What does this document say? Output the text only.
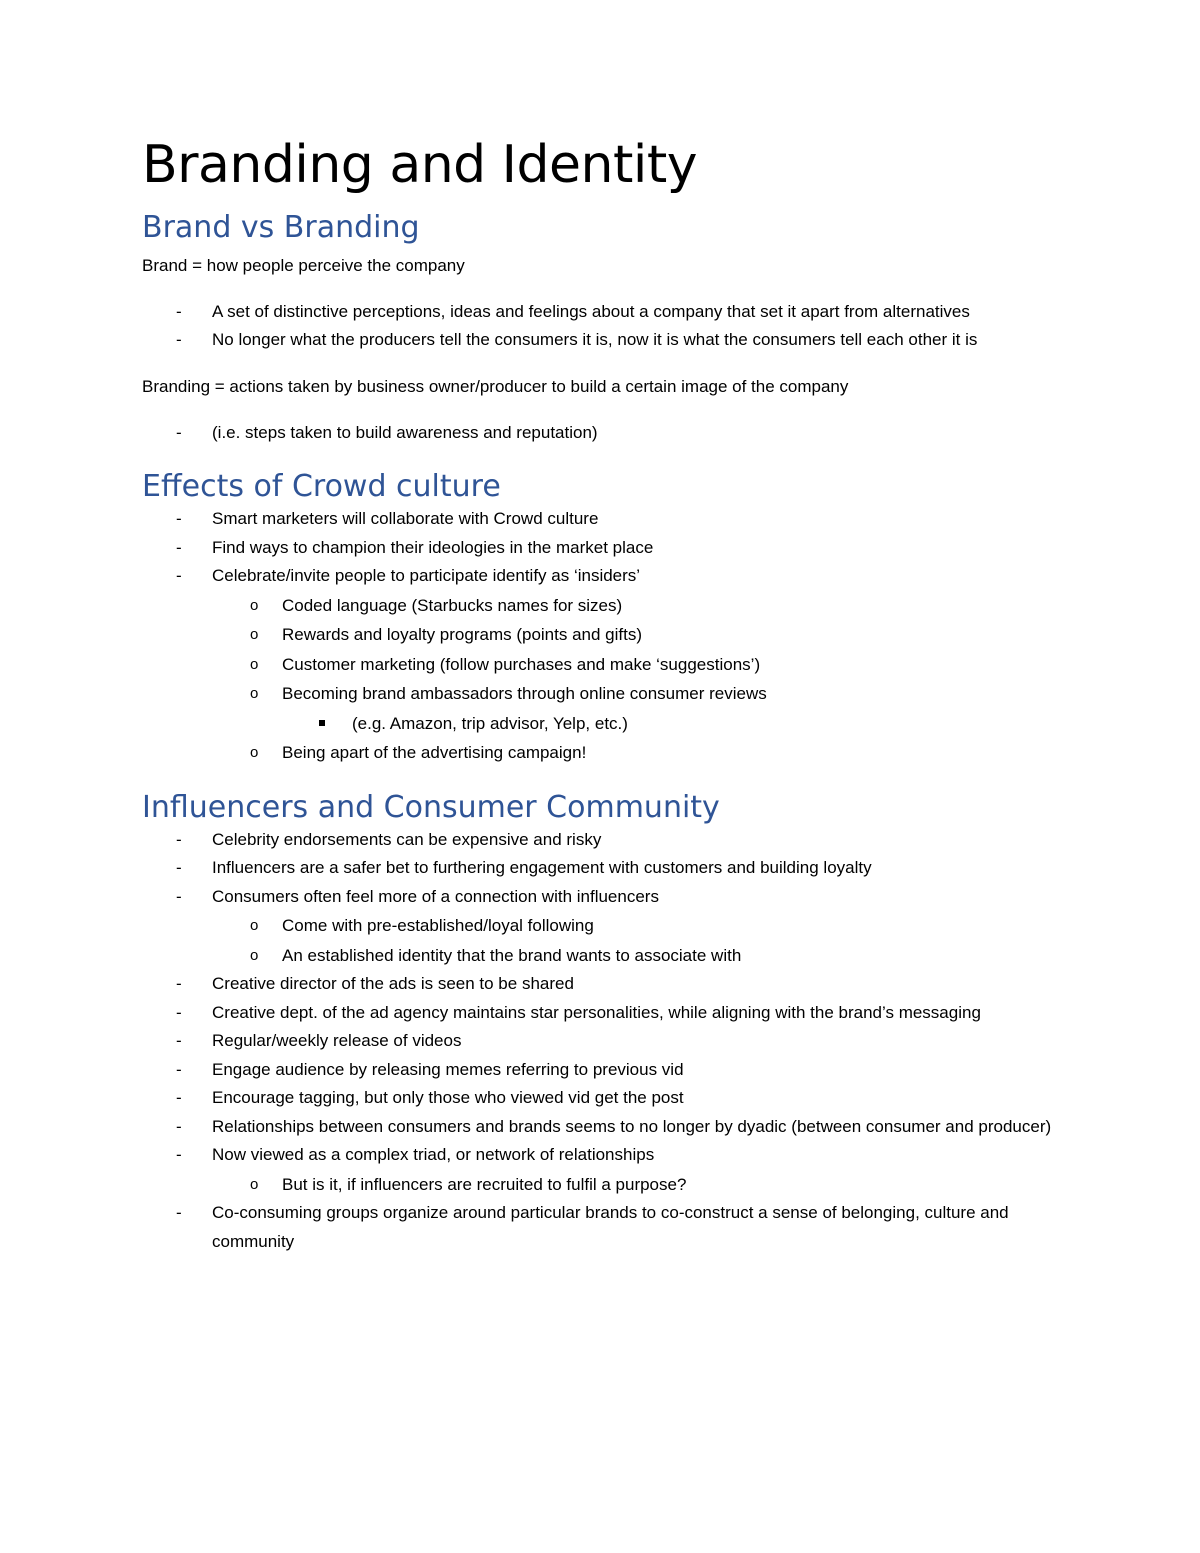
Branding and Identity
Brand vs Branding

Brand = how people perceive the company

- A set of distinctive perceptions, ideas and feelings about a company that set it apart from alternatives
- No longer what the producers tell the consumers it is, now it is what the consumers tell each other it is

Branding = actions taken by business owner/producer to build a certain image of the company

- (i.e. steps taken to build awareness and reputation)
Effects of Crowd culture
- Smart marketers will collaborate with Crowd culture
- Find ways to champion their ideologies in the market place
- Celebrate/invite people to participate identify as ‘insiders’
o Coded language (Starbucks names for sizes)
o Rewards and loyalty programs (points and gifts)
o Customer marketing (follow purchases and make ‘suggestions’)
o Becoming brand ambassadors through online consumer reviews
(e.g. Amazon, trip advisor, Yelp, etc.)
o Being apart of the advertising campaign!
Influencers and Consumer Community
- Celebrity endorsements can be expensive and risky
- Influencers are a safer bet to furthering engagement with customers and building loyalty
- Consumers often feel more of a connection with influencers
o Come with pre-established/loyal following
o An established identity that the brand wants to associate with
- Creative director of the ads is seen to be shared
- Creative dept. of the ad agency maintains star personalities, while aligning with the brand’s messaging
- Regular/weekly release of videos
- Engage audience by releasing memes referring to previous vid
- Encourage tagging, but only those who viewed vid get the post
- Relationships between consumers and brands seems to no longer by dyadic (between consumer and producer)
- Now viewed as a complex triad, or network of relationships
o But is it, if influencers are recruited to fulfil a purpose?
- Co-consuming groups organize around particular brands to co-construct a sense of belonging, culture and community
